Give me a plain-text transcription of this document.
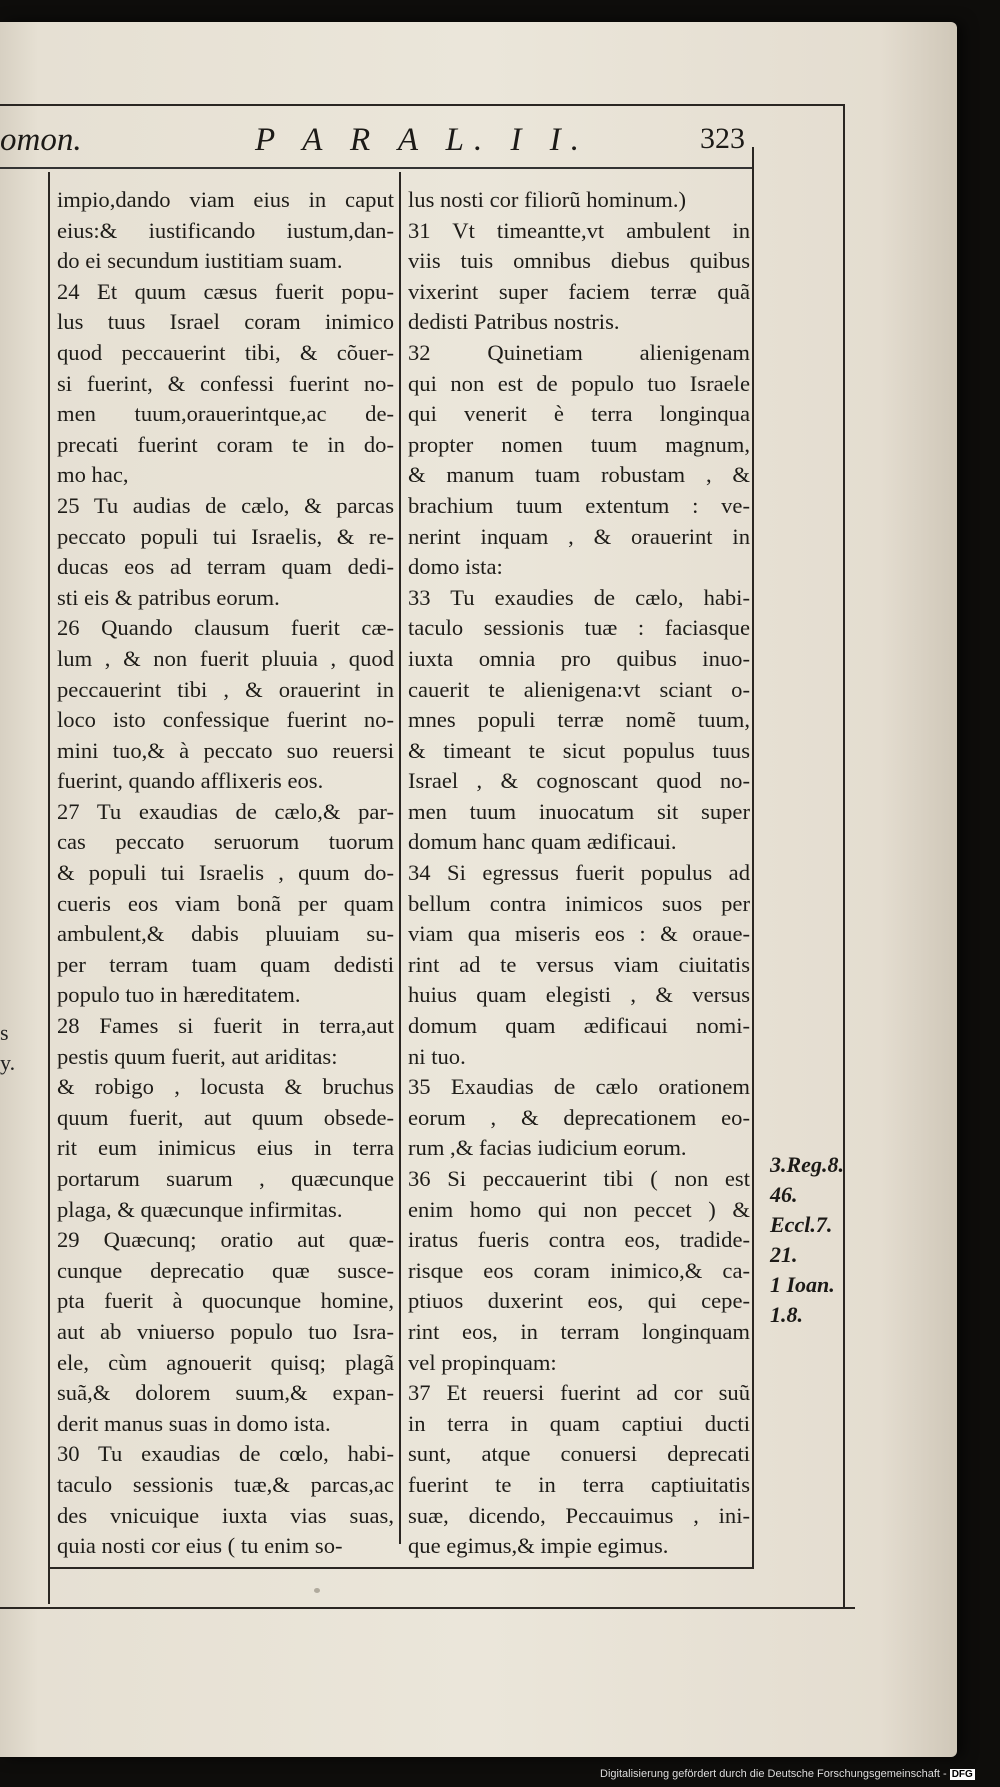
omon.	P A R A L. I I.	323
impio,dando viam eius in caput
eius:& iustificando iustum,dan-
do ei secundum iustitiam suam.
24 Et quum cæsus fuerit popu-
lus tuus Israel coram inimico
quod peccauerint tibi, & cõuer-
si fuerint, & confessi fuerint no-
men tuum,orauerintque,ac de-
precati fuerint coram te in do-
mo hac,
25 Tu audias de cælo, & parcas
peccato populi tui Israelis, & re-
ducas eos ad terram quam dedi-
sti eis & patribus eorum.
26 Quando clausum fuerit cæ-
lum , & non fuerit pluuia , quod
peccauerint tibi , & orauerint in
loco isto confessique fuerint no-
mini tuo,& à peccato suo reuersi
fuerint, quando afflixeris eos.
27 Tu exaudias de cælo,& par-
cas peccato seruorum tuorum
& populi tui Israelis , quum do-
cueris eos viam bonã per quam
ambulent,& dabis pluuiam su-
per terram tuam quam dedisti
populo tuo in hæreditatem.
28 Fames si fuerit in terra,aut
pestis quum fuerit, aut ariditas:
& robigo , locusta & bruchus
quum fuerit, aut quum obsede-
rit eum inimicus eius in terra
portarum suarum , quæcunque
plaga, & quæcunque infirmitas.
29 Quæcunq; oratio aut quæ-
cunque deprecatio quæ susce-
pta fuerit à quocunque homine,
aut ab vniuerso populo tuo Isra-
ele, cùm agnouerit quisq; plagã
suã,& dolorem suum,& expan-
derit manus suas in domo ista.
30 Tu exaudias de cœlo, habi-
taculo sessionis tuæ,& parcas,ac
des vnicuique iuxta vias suas,
quia nosti cor eius ( tu enim so-
lus nosti cor filiorũ hominum.)
31 Vt timeantte,vt ambulent in
viis tuis omnibus diebus quibus
vixerint super faciem terræ quã
dedisti Patribus nostris.
32 Quinetiam alienigenam
qui non est de populo tuo Israele
qui venerit è terra longinqua
propter nomen tuum magnum,
& manum tuam robustam , &
brachium tuum extentum : ve-
nerint inquam , & orauerint in
domo ista:
33 Tu exaudies de cælo, habi-
taculo sessionis tuæ : faciasque
iuxta omnia pro quibus inuo-
cauerit te alienigena:vt sciant o-
mnes populi terræ nomẽ tuum,
& timeant te sicut populus tuus
Israel , & cognoscant quod no-
men tuum inuocatum sit super
domum hanc quam ædificaui.
34 Si egressus fuerit populus ad
bellum contra inimicos suos per
viam qua miseris eos : & oraue-
rint ad te versus viam ciuitatis
huius quam elegisti , & versus
domum quam ædificaui nomi-
ni tuo.
35 Exaudias de cælo orationem
eorum , & deprecationem eo-
rum ,& facias iudicium eorum.
36 Si peccauerint tibi ( non est
enim homo qui non peccet ) &
iratus fueris contra eos, tradide-
risque eos coram inimico,& ca-
ptiuos duxerint eos, qui cepe-
rint eos, in terram longinquam
vel propinquam:
37 Et reuersi fuerint ad cor suũ
in terra in quam captiui ducti
sunt, atque conuersi deprecati
fuerint te in terra captiuitatis
suæ, dicendo, Peccauimus , ini-
que egimus,& impie egimus.
3.Reg.8.
46.
Eccl.7.
21.
1 Ioan.
1.8.
s
y.
Digitalisierung gefördert durch die Deutsche Forschungsgemeinschaft - DFG
